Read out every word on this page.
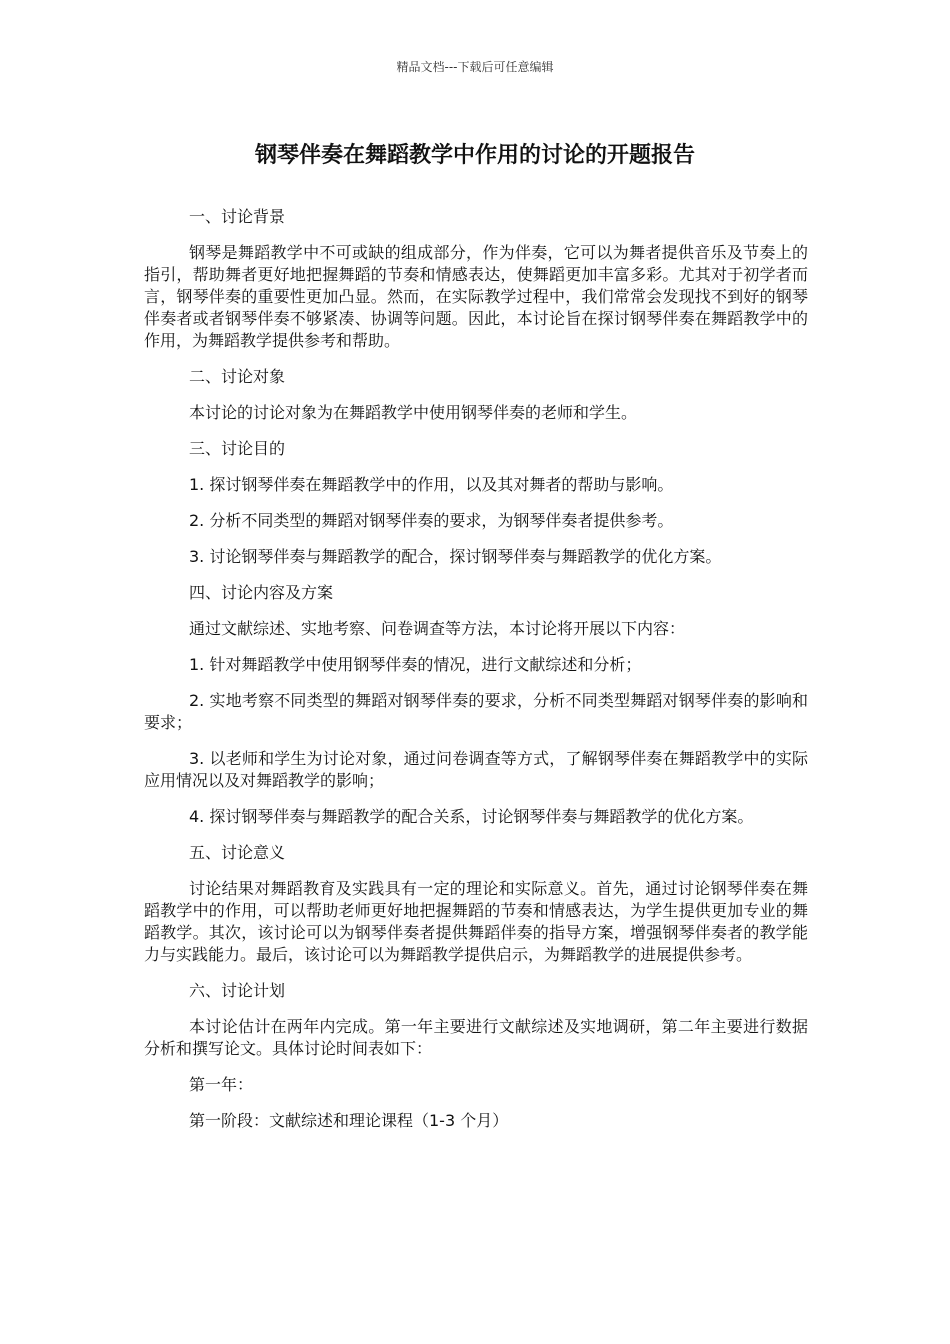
精品文档---下载后可任意编辑
钢琴伴奏在舞蹈教学中作用的讨论的开题报告

一、讨论背景

钢琴是舞蹈教学中不可或缺的组成部分，作为伴奏，它可以为舞者提供音乐及节奏上的指引，帮助舞者更好地把握舞蹈的节奏和情感表达，使舞蹈更加丰富多彩。尤其对于初学者而言，钢琴伴奏的重要性更加凸显。然而，在实际教学过程中，我们常常会发现找不到好的钢琴伴奏者或者钢琴伴奏不够紧凑、协调等问题。因此，本讨论旨在探讨钢琴伴奏在舞蹈教学中的作用，为舞蹈教学提供参考和帮助。

二、讨论对象

本讨论的讨论对象为在舞蹈教学中使用钢琴伴奏的老师和学生。

三、讨论目的

1. 探讨钢琴伴奏在舞蹈教学中的作用，以及其对舞者的帮助与影响。

2. 分析不同类型的舞蹈对钢琴伴奏的要求，为钢琴伴奏者提供参考。

3. 讨论钢琴伴奏与舞蹈教学的配合，探讨钢琴伴奏与舞蹈教学的优化方案。

四、讨论内容及方案

通过文献综述、实地考察、问卷调查等方法，本讨论将开展以下内容：

1. 针对舞蹈教学中使用钢琴伴奏的情况，进行文献综述和分析；

2. 实地考察不同类型的舞蹈对钢琴伴奏的要求，分析不同类型舞蹈对钢琴伴奏的影响和要求；

3. 以老师和学生为讨论对象，通过问卷调查等方式，了解钢琴伴奏在舞蹈教学中的实际应用情况以及对舞蹈教学的影响；

4. 探讨钢琴伴奏与舞蹈教学的配合关系，讨论钢琴伴奏与舞蹈教学的优化方案。

五、讨论意义

讨论结果对舞蹈教育及实践具有一定的理论和实际意义。首先，通过讨论钢琴伴奏在舞蹈教学中的作用，可以帮助老师更好地把握舞蹈的节奏和情感表达，为学生提供更加专业的舞蹈教学。其次，该讨论可以为钢琴伴奏者提供舞蹈伴奏的指导方案，增强钢琴伴奏者的教学能力与实践能力。最后，该讨论可以为舞蹈教学提供启示，为舞蹈教学的进展提供参考。

六、讨论计划

本讨论估计在两年内完成。第一年主要进行文献综述及实地调研，第二年主要进行数据分析和撰写论文。具体讨论时间表如下：

第一年：

第一阶段：文献综述和理论课程（1-3 个月）
